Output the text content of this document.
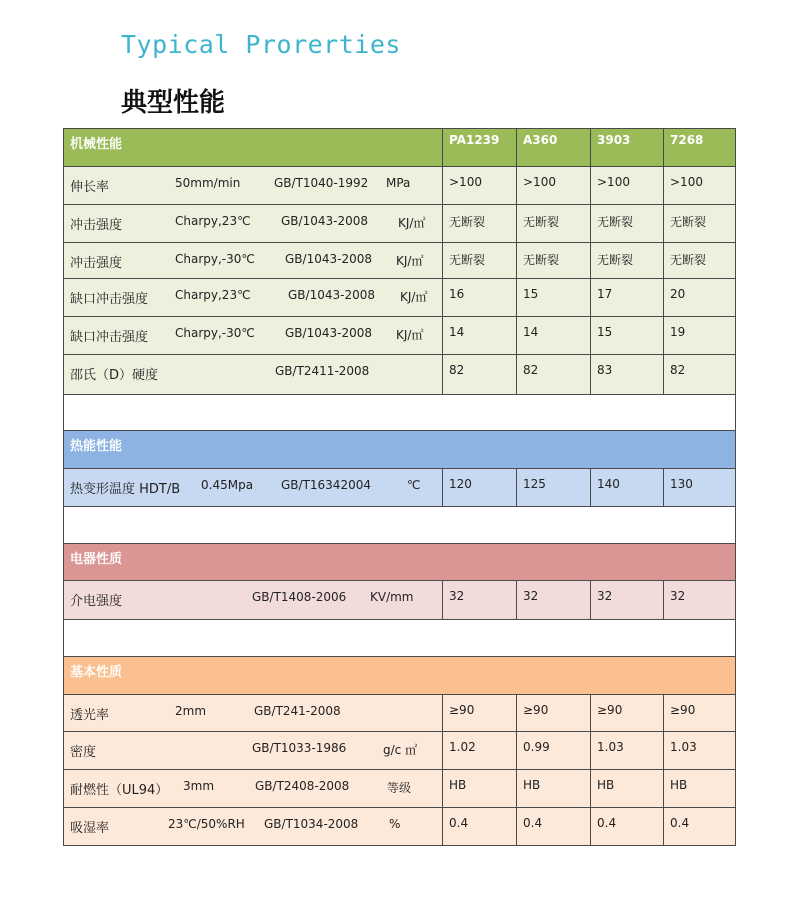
Typical Prorerties
典型性能
机械性能	PA1239	A360	3903	7268

伸长率 50mm/min GB/T1040-1992 MPa	>100	>100	>100	>100

冲击强度 Charpy,23℃ GB/1043-2008 KJ/㎡	无断裂	无断裂	无断裂	无断裂

冲击强度 Charpy,-30℃ GB/1043-2008 KJ/㎡	无断裂	无断裂	无断裂	无断裂

缺口冲击强度 Charpy,23℃ GB/1043-2008 KJ/㎡	16	15	17	20

缺口冲击强度 Charpy,-30℃ GB/1043-2008 KJ/㎡	14	14	15	19

邵氏（D）硬度 GB/T2411-2008	82	82	83	82

热能性能				

热变形温度 HDT/B 0.45Mpa GB/T16342004 ℃	120	125	140	130

电器性质				

介电强度 GB/T1408-2006 KV/mm	32	32	32	32

基本性质				

透光率 2mm GB/T241-2008	≥90	≥90	≥90	≥90

密度 GB/T1033-1986 g/c ㎡	1.02	0.99	1.03	1.03

耐燃性（UL94） 3mm GB/T2408-2008 等级	HB	HB	HB	HB

吸湿率 23℃/50%RH GB/T1034-2008 %	0.4	0.4	0.4	0.4
